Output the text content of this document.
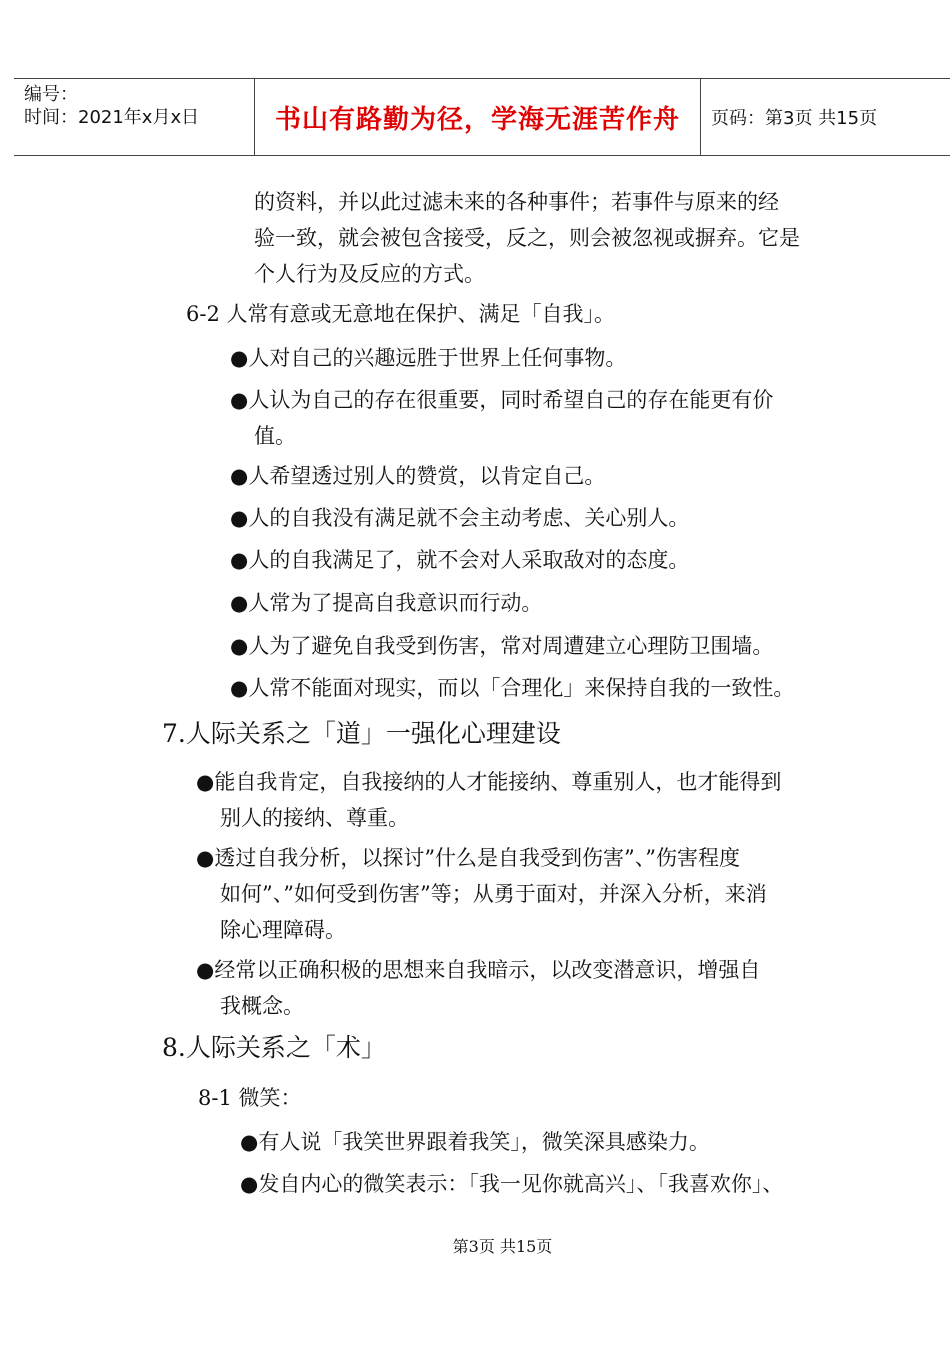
编号：
时间：2021年x月x日	书山有路勤为径，学海无涯苦作舟	页码：第3页 共15页
的资料，并以此过滤未来的各种事件；若事件与原来的经
验一致，就会被包含接受，反之，则会被忽视或摒弃。它是
个人行为及反应的方式。
6-2 人常有意或无意地在保护、满足「自我」。
●人对自己的兴趣远胜于世界上任何事物。
●人认为自己的存在很重要，同时希望自己的存在能更有价
值。
●人希望透过别人的赞赏，以肯定自己。
●人的自我没有满足就不会主动考虑、关心别人。
●人的自我满足了，就不会对人采取敌对的态度。
●人常为了提高自我意识而行动。
●人为了避免自我受到伤害，常对周遭建立心理防卫围墙。
●人常不能面对现实，而以「合理化」来保持自我的一致性。
7.人际关系之「道」一强化心理建设
●能自我肯定，自我接纳的人才能接纳、尊重别人，也才能得到
别人的接纳、尊重。
●透过自我分析，以探讨”什么是自我受到伤害”、”伤害程度
如何”、”如何受到伤害”等；从勇于面对，并深入分析，来消
除心理障碍。
●经常以正确积极的思想来自我暗示，以改变潜意识，增强自
我概念。
8.人际关系之「术」
8-1 微笑：
●有人说「我笑世界跟着我笑」，微笑深具感染力。
●发自内心的微笑表示：「我一见你就高兴」、「我喜欢你」、
第3页 共15页
